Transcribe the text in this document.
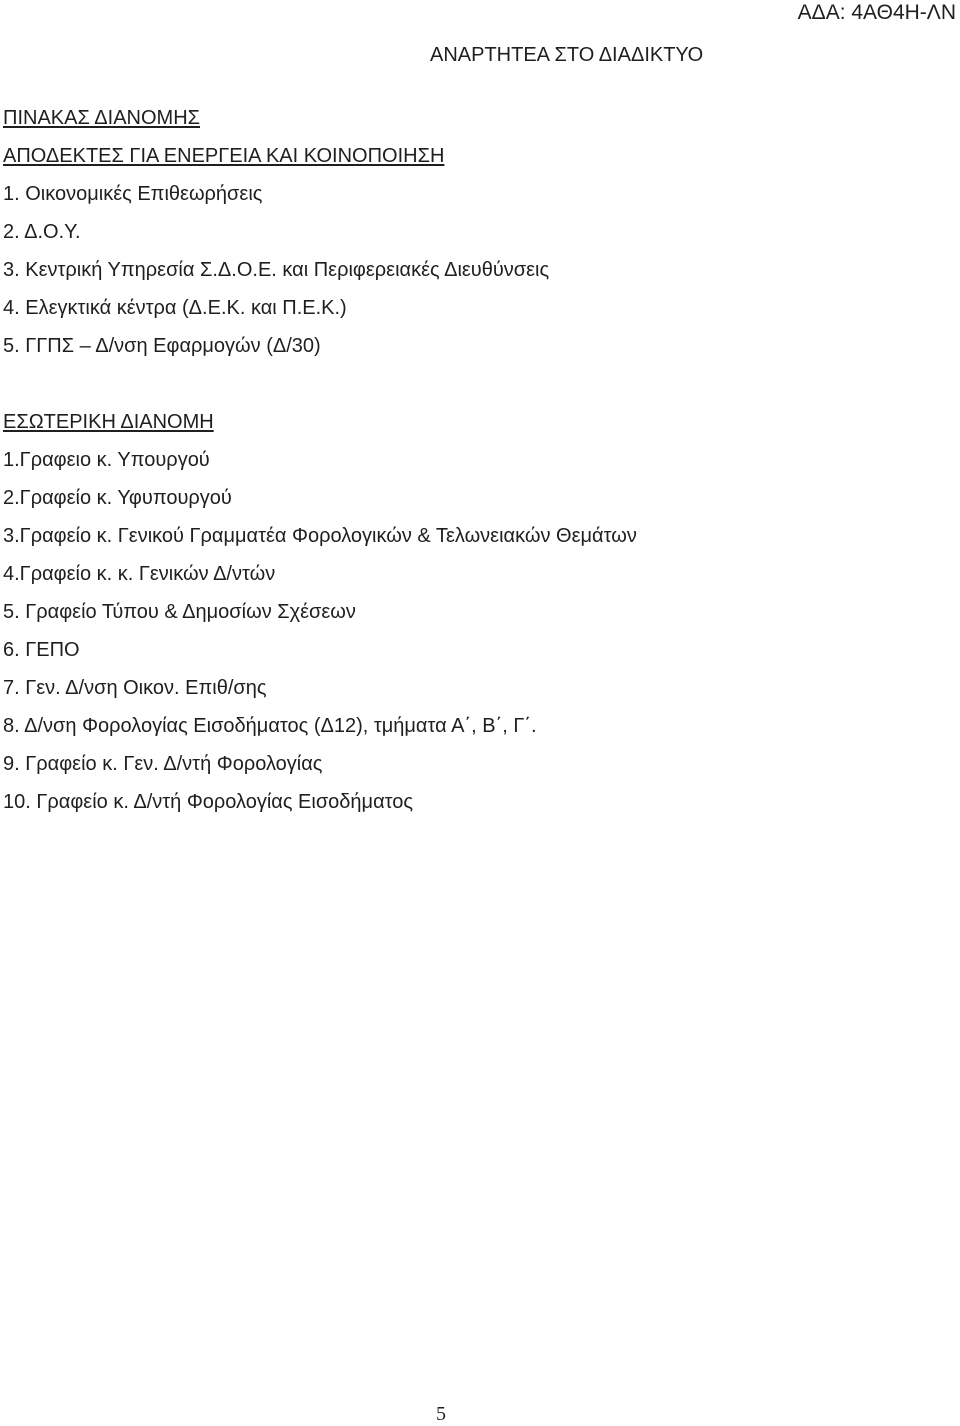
ΑΔΑ: 4ΑΘ4Η-ΛΝ
ΑΝΑΡΤΗΤΕΑ ΣΤΟ ΔΙΑΔΙΚΤΥΟ
ΠΙΝΑΚΑΣ ΔΙΑΝΟΜΗΣ
ΑΠΟΔΕΚΤΕΣ ΓΙΑ ΕΝΕΡΓΕΙΑ ΚΑΙ ΚΟΙΝΟΠΟΙΗΣΗ
1. Οικονομικές Επιθεωρήσεις
2. Δ.Ο.Υ.
3. Κεντρική Υπηρεσία Σ.Δ.Ο.Ε. και Περιφερειακές Διευθύνσεις
4. Ελεγκτικά κέντρα (Δ.Ε.Κ. και Π.Ε.Κ.)
5. ΓΓΠΣ – Δ/νση Εφαρμογών (Δ/30)
ΕΣΩΤΕΡΙΚΗ ΔΙΑΝΟΜΗ
1.Γραφειο κ. Υπουργού
2.Γραφείο κ. Υφυπουργού
3.Γραφείο κ. Γενικού Γραμματέα Φορολογικών & Τελωνειακών Θεμάτων
4.Γραφείο κ. κ. Γενικών Δ/ντών
5. Γραφείο Τύπου & Δημοσίων Σχέσεων
6. ΓΕΠΟ
7. Γεν. Δ/νση Οικον. Επιθ/σης
8. Δ/νση Φορολογίας Εισοδήματος (Δ12), τμήματα Α΄, Β΄, Γ΄.
9. Γραφείο κ. Γεν. Δ/ντή Φορολογίας
10. Γραφείο κ. Δ/ντή Φορολογίας Εισοδήματος
5
